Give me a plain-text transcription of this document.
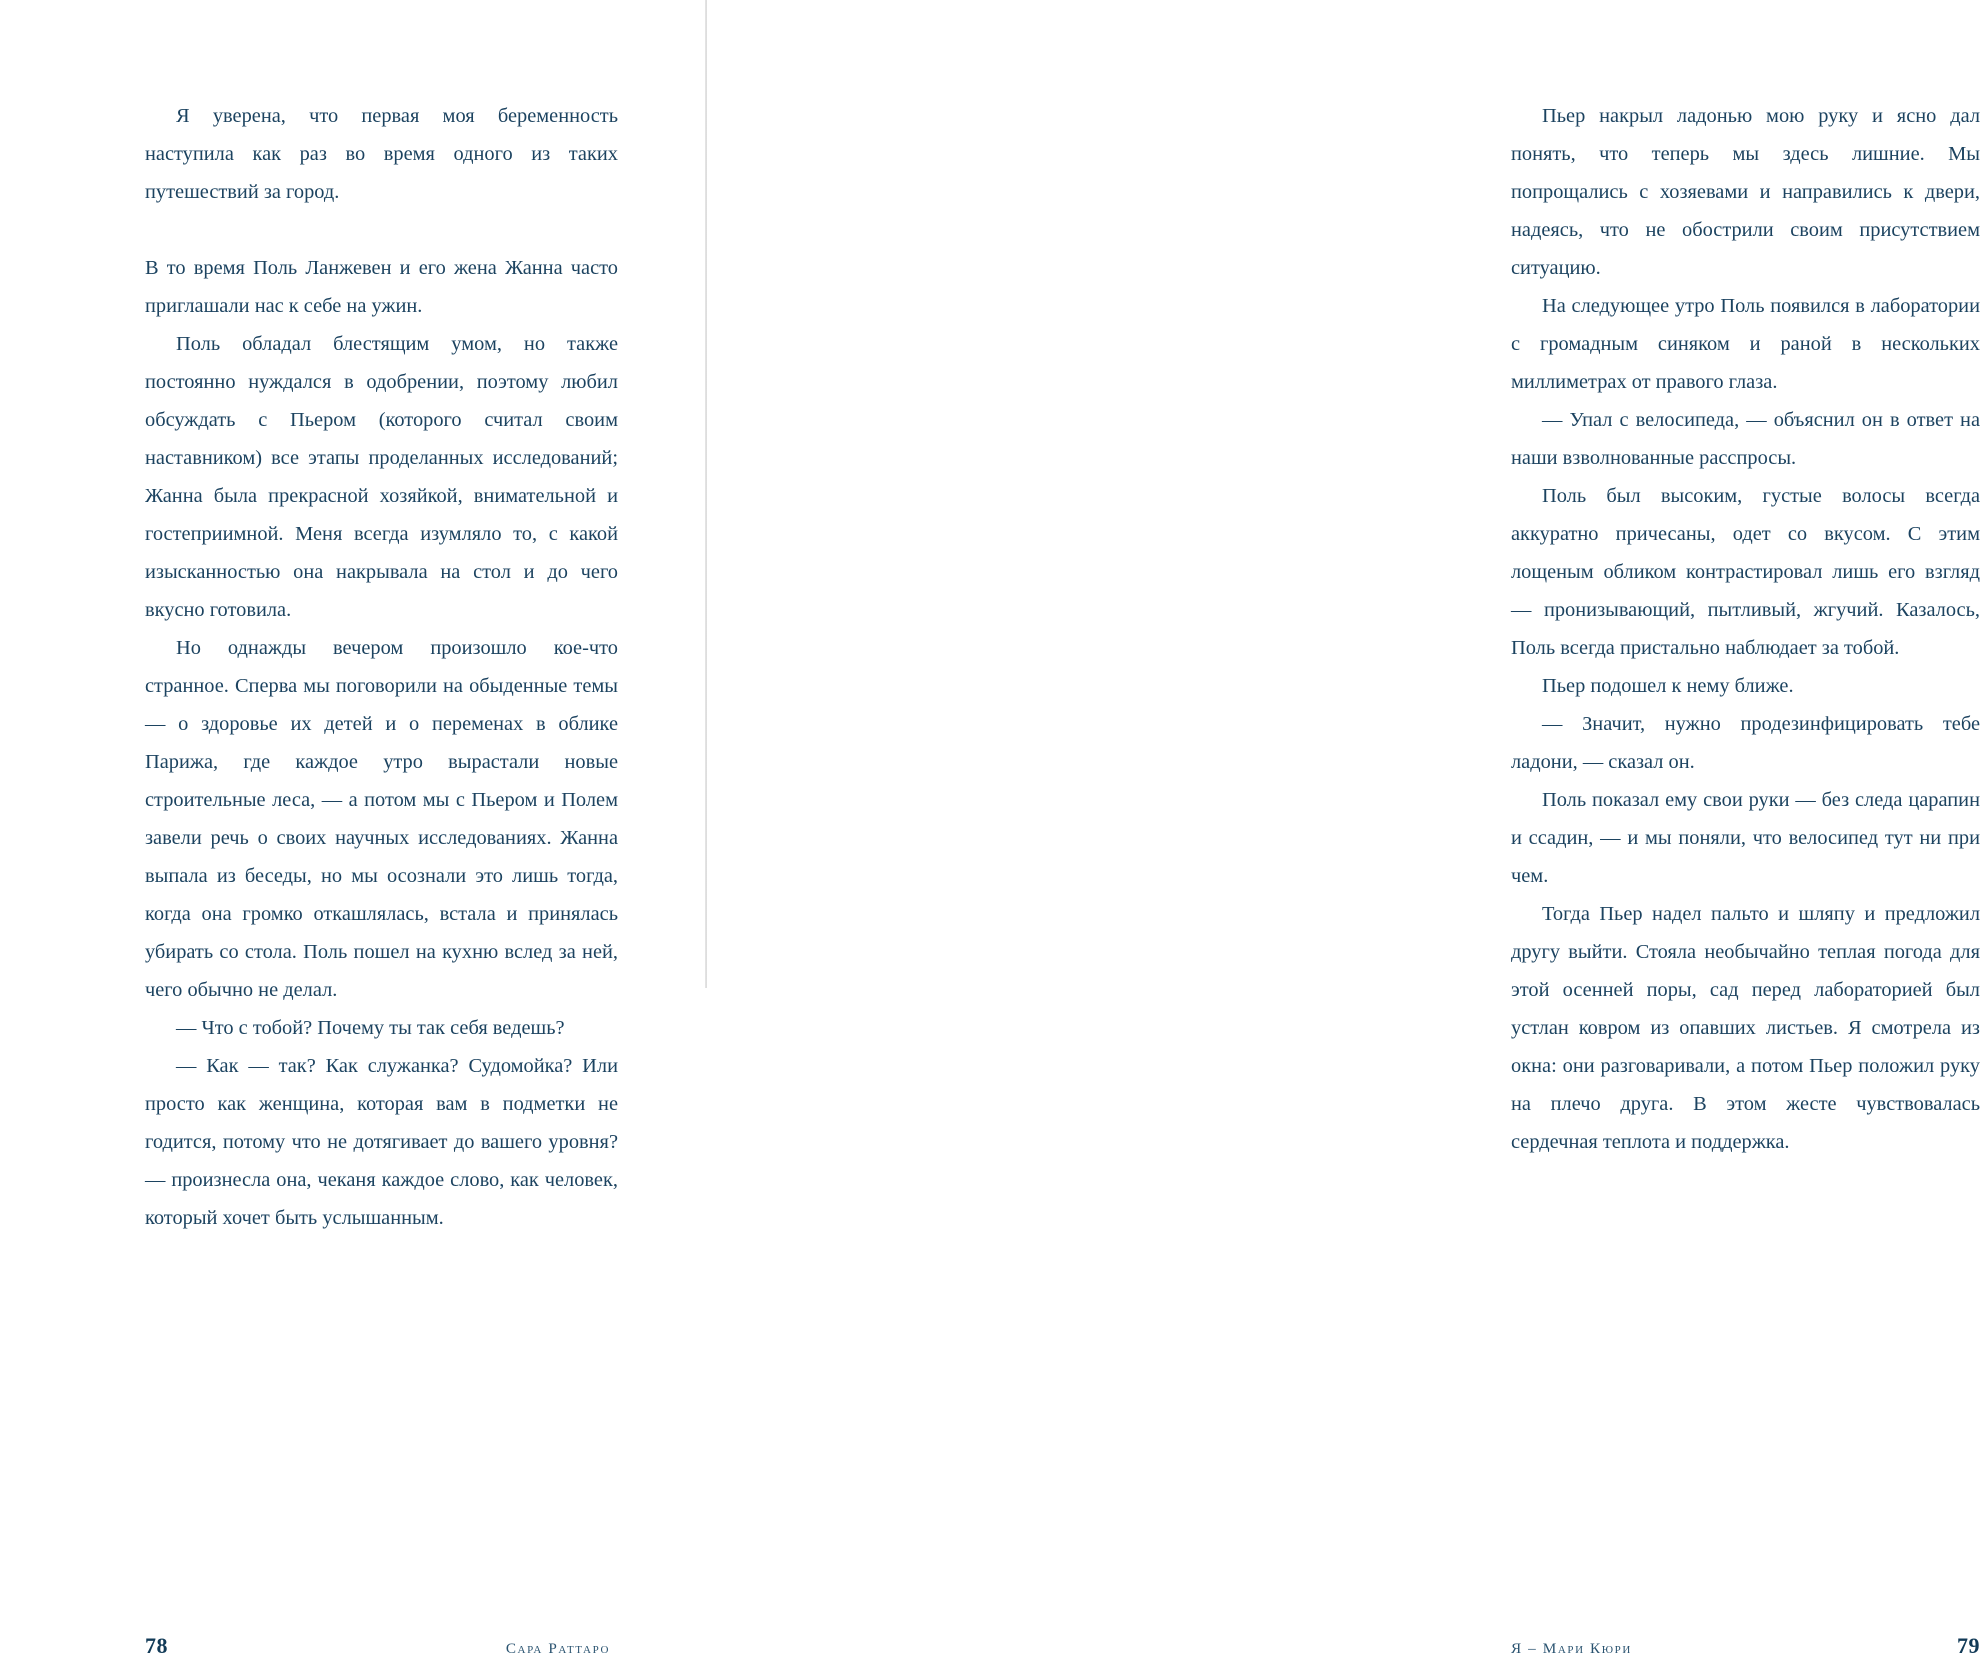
Я уверена, что первая моя беременность наступила как раз во время одного из таких путешествий за город.

В то время Поль Ланжевен и его жена Жанна часто приглашали нас к себе на ужин.

Поль обладал блестящим умом, но также постоянно нуждался в одобрении, поэтому любил обсуждать с Пьером (которого считал своим наставником) все этапы проделанных исследований; Жанна была прекрасной хозяйкой, внимательной и гостеприимной. Меня всегда изумляло то, с какой изысканностью она накрывала на стол и до чего вкусно готовила.

Но однажды вечером произошло кое-что странное. Сперва мы поговорили на обыденные темы — о здоровье их детей и о переменах в облике Парижа, где каждое утро вырастали новые строительные леса, — а потом мы с Пьером и Полем завели речь о своих научных исследованиях. Жанна выпала из беседы, но мы осознали это лишь тогда, когда она громко откашлялась, встала и принялась убирать со стола. Поль пошел на кухню вслед за ней, чего обычно не делал.

— Что с тобой? Почему ты так себя ведешь?

— Как — так? Как служанка? Судомойка? Или просто как женщина, которая вам в подметки не годится, потому что не дотягивает до вашего уровня? — произнесла она, чеканя каждое слово, как человек, который хочет быть услышанным.

78	Сара Раттаро

Пьер накрыл ладонью мою руку и ясно дал понять, что теперь мы здесь лишние. Мы попрощались с хозяевами и направились к двери, надеясь, что не обострили своим присутствием ситуацию.

На следующее утро Поль появился в лаборатории с громадным синяком и раной в нескольких миллиметрах от правого глаза.

— Упал с велосипеда, — объяснил он в ответ на наши взволнованные расспросы.

Поль был высоким, густые волосы всегда аккуратно причесаны, одет со вкусом. С этим лощеным обликом контрастировал лишь его взгляд — пронизывающий, пытливый, жгучий. Казалось, Поль всегда пристально наблюдает за тобой.

Пьер подошел к нему ближе.

— Значит, нужно продезинфицировать тебе ладони, — сказал он.

Поль показал ему свои руки — без следа царапин и ссадин, — и мы поняли, что велосипед тут ни при чем.

Тогда Пьер надел пальто и шляпу и предложил другу выйти. Стояла необычайно теплая погода для этой осенней поры, сад перед лабораторией был устлан ковром из опавших листьев. Я смотрела из окна: они разговаривали, а потом Пьер положил руку на плечо друга. В этом жесте чувствовалась сердечная теплота и поддержка.

Я – Мари Кюри	79
